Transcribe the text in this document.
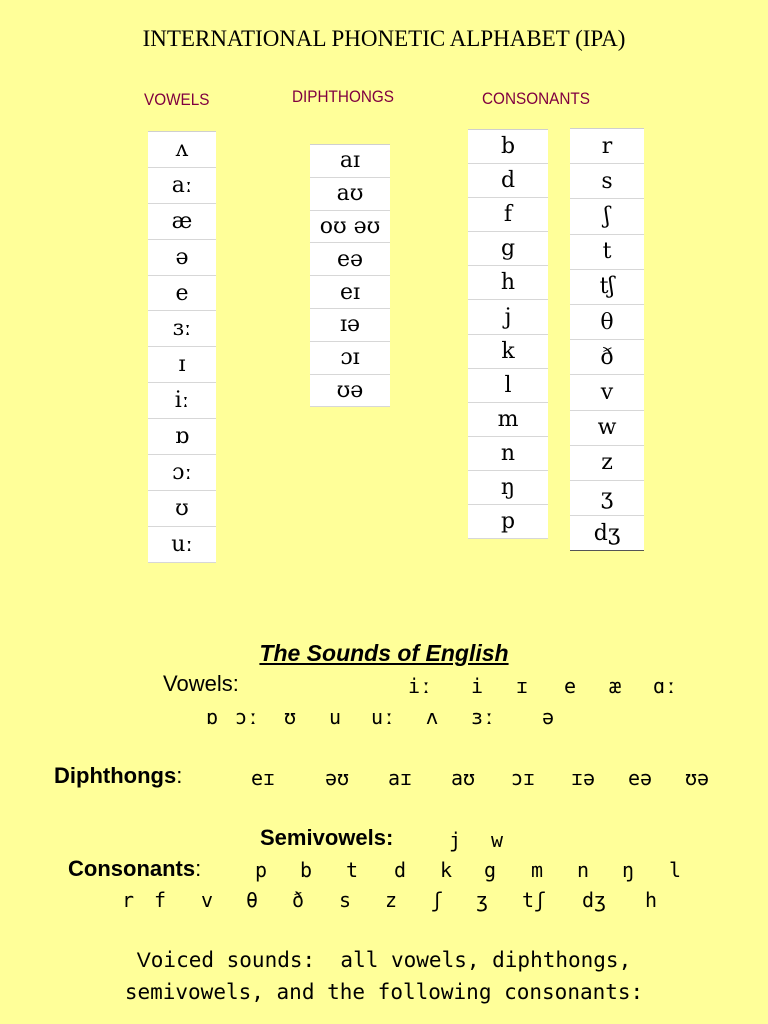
INTERNATIONAL PHONETIC ALPHABET (IPA)
VOWELS	DIPHTHONGS	CONSONANTS
ʌ
aː
æ
ə
e
ɜː
ɪ
iː
ɒ
ɔː
ʊ
uː
aɪ
aʊ
oʊ əʊ
eə
eɪ
ɪə
ɔɪ
ʊə
b
d
f
g
h
j
k
l
m
n
ŋ
p
r
s
ʃ
t
tʃ
θ
ð
v
w
z
ʒ
dʒ
The Sounds of English
Vowels:	iː i ɪ e æ ɑː
ɒ ɔː ʊ u uː ʌ ɜː ə
Diphthongs:	eɪ əʊ aɪ aʊ ɔɪ ɪə eə ʊə
Semivowels:	j w
Consonants:	p b t d k g m n ŋ l
r f v θ ð s z ʃ ʒ tʃ dʒ h
Voiced sounds:  all vowels, diphthongs,
semivowels, and the following consonants:
